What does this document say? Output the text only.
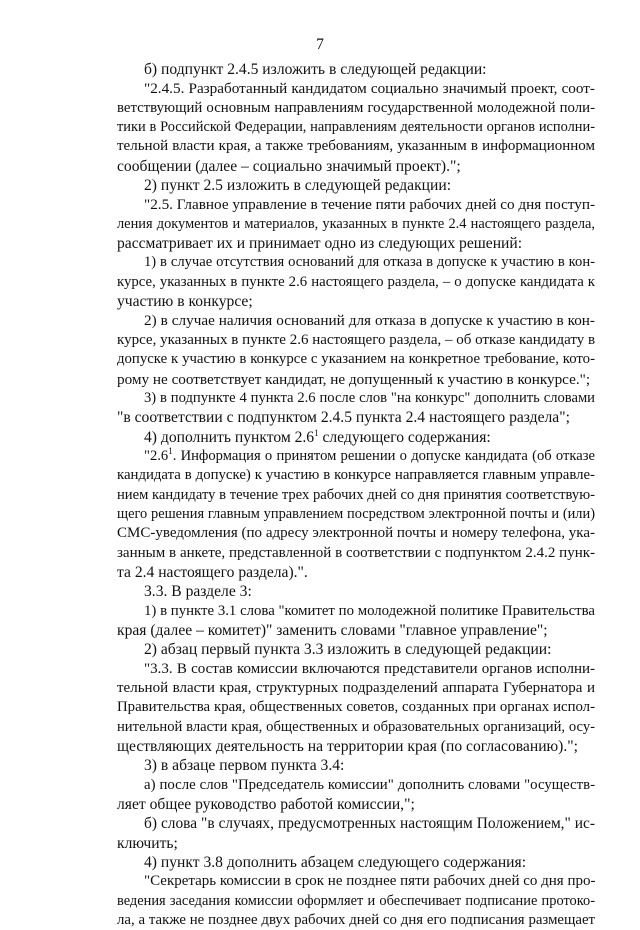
7
б) подпункт 2.4.5 изложить в следующей редакции:
"2.4.5. Разработанный кандидатом социально значимый проект, соот-
ветствующий основным направлениям государственной молодежной поли-
тики в Российской Федерации, направлениям деятельности органов исполни-
тельной власти края, а также требованиям, указанным в информационном
сообщении (далее – социально значимый проект).";
2) пункт 2.5 изложить в следующей редакции:
"2.5. Главное управление в течение пяти рабочих дней со дня поступ-
ления документов и материалов, указанных в пункте 2.4 настоящего раздела,
рассматривает их и принимает одно из следующих решений:
1) в случае отсутствия оснований для отказа в допуске к участию в кон-
курсе, указанных в пункте 2.6 настоящего раздела, – о допуске кандидата к
участию в конкурсе;
2) в случае наличия оснований для отказа в допуске к участию в кон-
курсе, указанных в пункте 2.6 настоящего раздела, – об отказе кандидату в
допуске к участию в конкурсе с указанием на конкретное требование, кото-
рому не соответствует кандидат, не допущенный к участию в конкурсе.";
3) в подпункте 4 пункта 2.6 после слов "на конкурс" дополнить словами
"в соответствии с подпунктом 2.4.5 пункта 2.4 настоящего раздела";
4) дополнить пунктом $2.6^1$ следующего содержания:
"$2.6^1$. Информация о принятом решении о допуске кандидата (об отказе
кандидата в допуске) к участию в конкурсе направляется главным управле-
нием кандидату в течение трех рабочих дней со дня принятия соответствую-
щего решения главным управлением посредством электронной почты и (или)
СМС-уведомления (по адресу электронной почты и номеру телефона, ука-
занным в анкете, представленной в соответствии с подпунктом 2.4.2 пунк-
та 2.4 настоящего раздела).".
3.3. В разделе 3:
1) в пункте 3.1 слова "комитет по молодежной политике Правительства
края (далее – комитет)" заменить словами "главное управление";
2) абзац первый пункта 3.3 изложить в следующей редакции:
"3.3. В состав комиссии включаются представители органов исполни-
тельной власти края, структурных подразделений аппарата Губернатора и
Правительства края, общественных советов, созданных при органах испол-
нительной власти края, общественных и образовательных организаций, осу-
ществляющих деятельность на территории края (по согласованию).";
3) в абзаце первом пункта 3.4:
а) после слов "Председатель комиссии" дополнить словами "осуществ-
ляет общее руководство работой комиссии,";
б) слова "в случаях, предусмотренных настоящим Положением," ис-
ключить;
4) пункт 3.8 дополнить абзацем следующего содержания:
"Секретарь комиссии в срок не позднее пяти рабочих дней со дня про-
ведения заседания комиссии оформляет и обеспечивает подписание протоко-
ла, а также не позднее двух рабочих дней со дня его подписания размещает
